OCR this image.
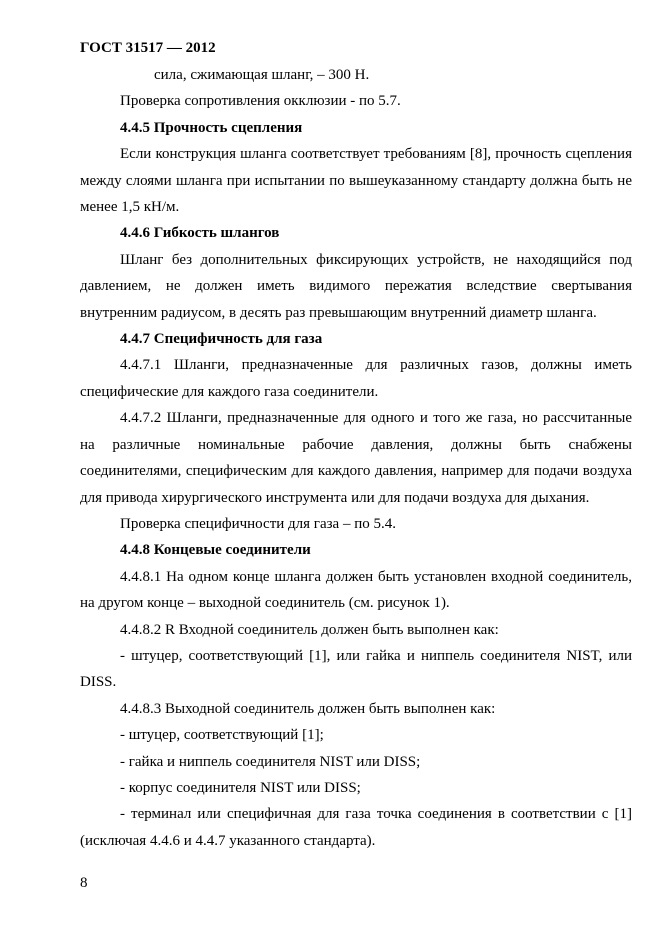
ГОСТ 31517 — 2012

сила, сжимающая шланг, – 300 Н.

Проверка сопротивления окклюзии - по 5.7.

4.4.5 Прочность сцепления

Если конструкция шланга соответствует требованиям [8], прочность сцепления между слоями шланга при испытании по вышеуказанному стандарту должна быть не менее 1,5 кН/м.

4.4.6 Гибкость шлангов

Шланг без дополнительных фиксирующих устройств, не находящийся под давлением, не должен иметь видимого пережатия вследствие свертывания внутренним радиусом, в десять раз превышающим внутренний диаметр шланга.

4.4.7 Специфичность для газа

4.4.7.1 Шланги, предназначенные для различных газов, должны иметь специфические для каждого газа соединители.

4.4.7.2 Шланги, предназначенные для одного и того же газа, но рассчитанные на различные номинальные рабочие давления, должны быть снабжены соединителями, специфическим для каждого давления, например для подачи воздуха для привода хирургического инструмента или для подачи воздуха для дыхания.

Проверка специфичности для газа – по 5.4.

4.4.8 Концевые соединители

4.4.8.1 На одном конце шланга должен быть установлен входной соединитель, на другом конце – выходной соединитель (см. рисунок 1).

4.4.8.2 R Входной соединитель должен быть выполнен как:

- штуцер, соответствующий [1], или гайка и ниппель соединителя NIST, или DISS.

4.4.8.3 Выходной соединитель должен быть выполнен как:

- штуцер, соответствующий [1];

- гайка и ниппель соединителя NIST или DISS;

- корпус соединителя NIST или DISS;

- терминал или специфичная для газа точка соединения в соответствии с [1] (исключая 4.4.6 и 4.4.7 указанного стандарта).

8
